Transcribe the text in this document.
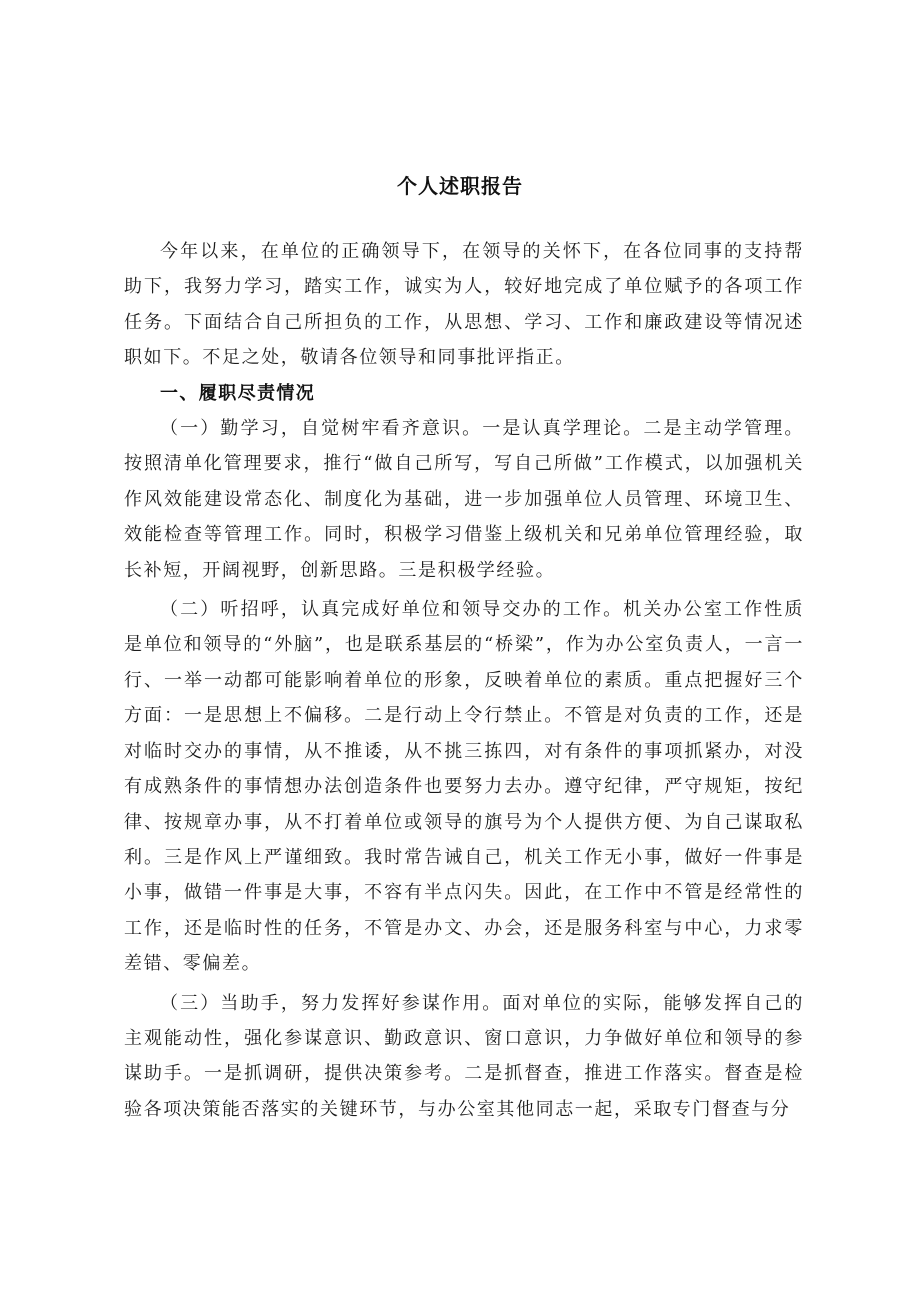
个人述职报告

今年以来，在单位的正确领导下，在领导的关怀下，在各位同事的支持帮助下，我努力学习，踏实工作，诚实为人，较好地完成了单位赋予的各项工作任务。下面结合自己所担负的工作，从思想、学习、工作和廉政建设等情况述职如下。不足之处，敬请各位领导和同事批评指正。

一、履职尽责情况

（一）勤学习，自觉树牢看齐意识。一是认真学理论。二是主动学管理。按照清单化管理要求，推行“做自己所写，写自己所做”工作模式，以加强机关作风效能建设常态化、制度化为基础，进一步加强单位人员管理、环境卫生、效能检查等管理工作。同时，积极学习借鉴上级机关和兄弟单位管理经验，取长补短，开阔视野，创新思路。三是积极学经验。

（二）听招呼，认真完成好单位和领导交办的工作。机关办公室工作性质是单位和领导的“外脑”，也是联系基层的“桥梁”，作为办公室负责人，一言一行、一举一动都可能影响着单位的形象，反映着单位的素质。重点把握好三个方面：一是思想上不偏移。二是行动上令行禁止。不管是对负责的工作，还是对临时交办的事情，从不推诿，从不挑三拣四，对有条件的事项抓紧办，对没有成熟条件的事情想办法创造条件也要努力去办。遵守纪律，严守规矩，按纪律、按规章办事，从不打着单位或领导的旗号为个人提供方便、为自己谋取私利。三是作风上严谨细致。我时常告诫自己，机关工作无小事，做好一件事是小事，做错一件事是大事，不容有半点闪失。因此，在工作中不管是经常性的工作，还是临时性的任务，不管是办文、办会，还是服务科室与中心，力求零差错、零偏差。

（三）当助手，努力发挥好参谋作用。面对单位的实际，能够发挥自己的主观能动性，强化参谋意识、勤政意识、窗口意识，力争做好单位和领导的参谋助手。一是抓调研，提供决策参考。二是抓督查，推进工作落实。督查是检验各项决策能否落实的关键环节，与办公室其他同志一起，采取专门督查与分
